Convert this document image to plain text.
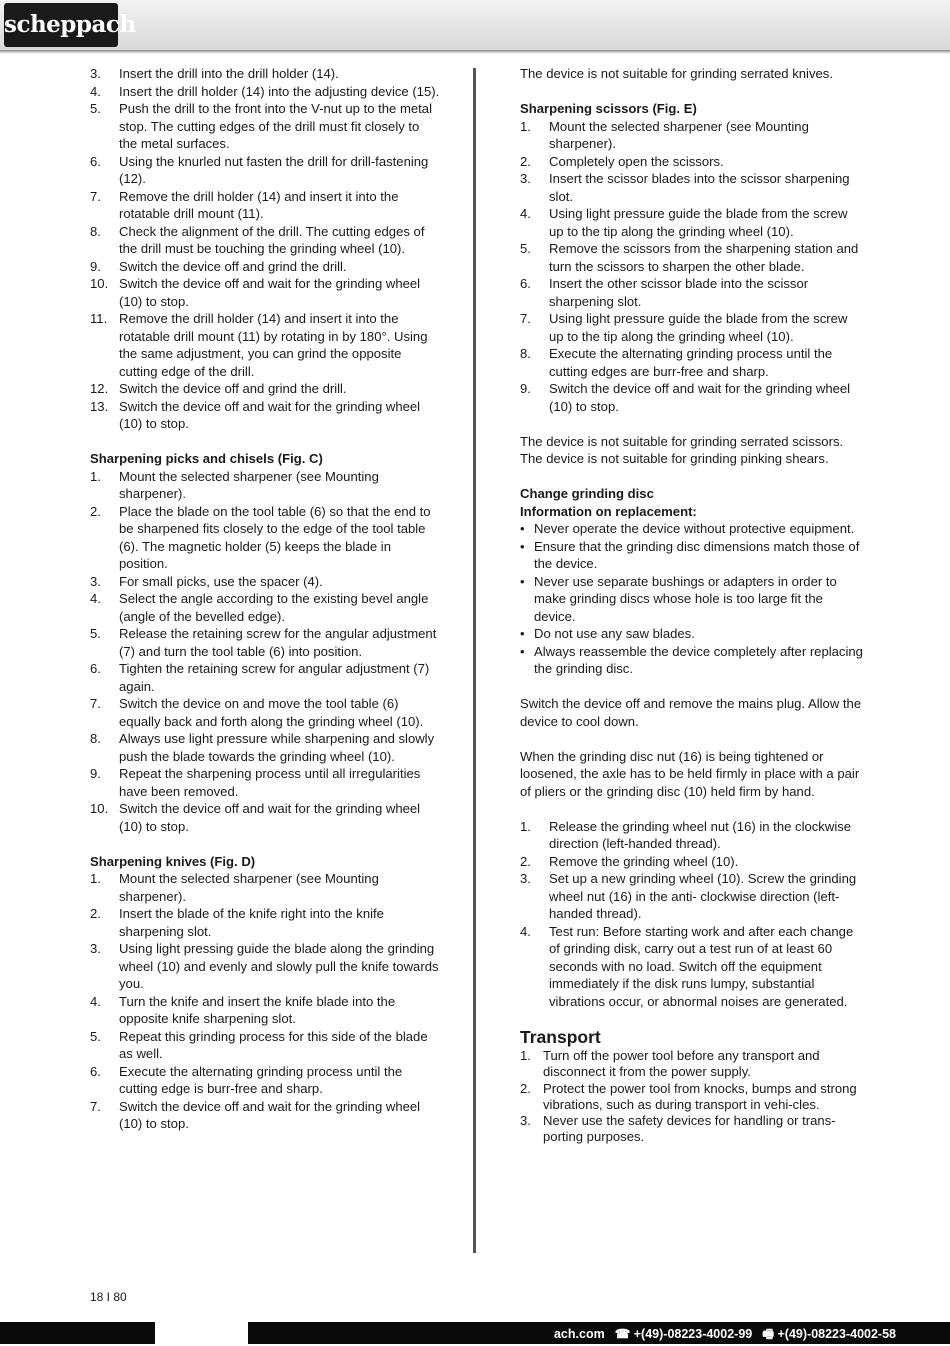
scheppach
3. Insert the drill into the drill holder (14).
4. Insert the drill holder (14) into the adjusting device (15).
5. Push the drill to the front into the V-nut up to the metal stop. The cutting edges of the drill must fit closely to the metal surfaces.
6. Using the knurled nut fasten the drill for drill-fastening (12).
7. Remove the drill holder (14) and insert it into the rotatable drill mount (11).
8. Check the alignment of the drill. The cutting edges of the drill must be touching the grinding wheel (10).
9. Switch the device off and grind the drill.
10. Switch the device off and wait for the grinding wheel (10) to stop.
11. Remove the drill holder (14) and insert it into the rotatable drill mount (11) by rotating in by 180°. Using the same adjustment, you can grind the opposite cutting edge of the drill.
12. Switch the device off and grind the drill.
13. Switch the device off and wait for the grinding wheel (10) to stop.
Sharpening picks and chisels (Fig. C)
1. Mount the selected sharpener (see Mounting sharpener).
2. Place the blade on the tool table (6) so that the end to be sharpened fits closely to the edge of the tool table (6). The magnetic holder (5) keeps the blade in position.
3. For small picks, use the spacer (4).
4. Select the angle according to the existing bevel angle (angle of the bevelled edge).
5. Release the retaining screw for the angular adjustment (7) and turn the tool table (6) into position.
6. Tighten the retaining screw for angular adjustment (7) again.
7. Switch the device on and move the tool table (6) equally back and forth along the grinding wheel (10).
8. Always use light pressure while sharpening and slowly push the blade towards the grinding wheel (10).
9. Repeat the sharpening process until all irregularities have been removed.
10. Switch the device off and wait for the grinding wheel (10) to stop.
Sharpening knives (Fig. D)
1. Mount the selected sharpener (see Mounting sharpener).
2. Insert the blade of the knife right into the knife sharpening slot.
3. Using light pressing guide the blade along the grinding wheel (10) and evenly and slowly pull the knife towards you.
4. Turn the knife and insert the knife blade into the opposite knife sharpening slot.
5. Repeat this grinding process for this side of the blade as well.
6. Execute the alternating grinding process until the cutting edge is burr-free and sharp.
7. Switch the device off and wait for the grinding wheel (10) to stop.
The device is not suitable for grinding serrated knives.
Sharpening scissors (Fig. E)
1. Mount the selected sharpener (see Mounting sharpener).
2. Completely open the scissors.
3. Insert the scissor blades into the scissor sharpening slot.
4. Using light pressure guide the blade from the screw up to the tip along the grinding wheel (10).
5. Remove the scissors from the sharpening station and turn the scissors to sharpen the other blade.
6. Insert the other scissor blade into the scissor sharpening slot.
7. Using light pressure guide the blade from the screw up to the tip along the grinding wheel (10).
8. Execute the alternating grinding process until the cutting edges are burr-free and sharp.
9. Switch the device off and wait for the grinding wheel (10) to stop.
The device is not suitable for grinding serrated scissors.
The device is not suitable for grinding pinking shears.
Change grinding disc
Information on replacement:
• Never operate the device without protective equipment.
• Ensure that the grinding disc dimensions match those of the device.
• Never use separate bushings or adapters in order to make grinding discs whose hole is too large fit the device.
• Do not use any saw blades.
• Always reassemble the device completely after replacing the grinding disc.
Switch the device off and remove the mains plug. Allow the device to cool down.
When the grinding disc nut (16) is being tightened or loosened, the axle has to be held firmly in place with a pair of pliers or the grinding disc (10) held firm by hand.
1. Release the grinding wheel nut (16) in the clockwise direction (left-handed thread).
2. Remove the grinding wheel (10).
3. Set up a new grinding wheel (10). Screw the grinding wheel nut (16) in the anti- clockwise direction (left-handed thread).
4. Test run: Before starting work and after each change of grinding disk, carry out a test run of at least 60 seconds with no load. Switch off the equipment immediately if the disk runs lumpy, substantial vibrations occur, or abnormal noises are generated.
Transport
1. Turn off the power tool before any transport and disconnect it from the power supply.
2. Protect the power tool from knocks, bumps and strong vibrations, such as during transport in vehi-cles.
3. Never use the safety devices for handling or trans-porting purposes.
18 I 80
ach.com ☎ +(49)-08223-4002-99 🖷 +(49)-08223-4002-58
